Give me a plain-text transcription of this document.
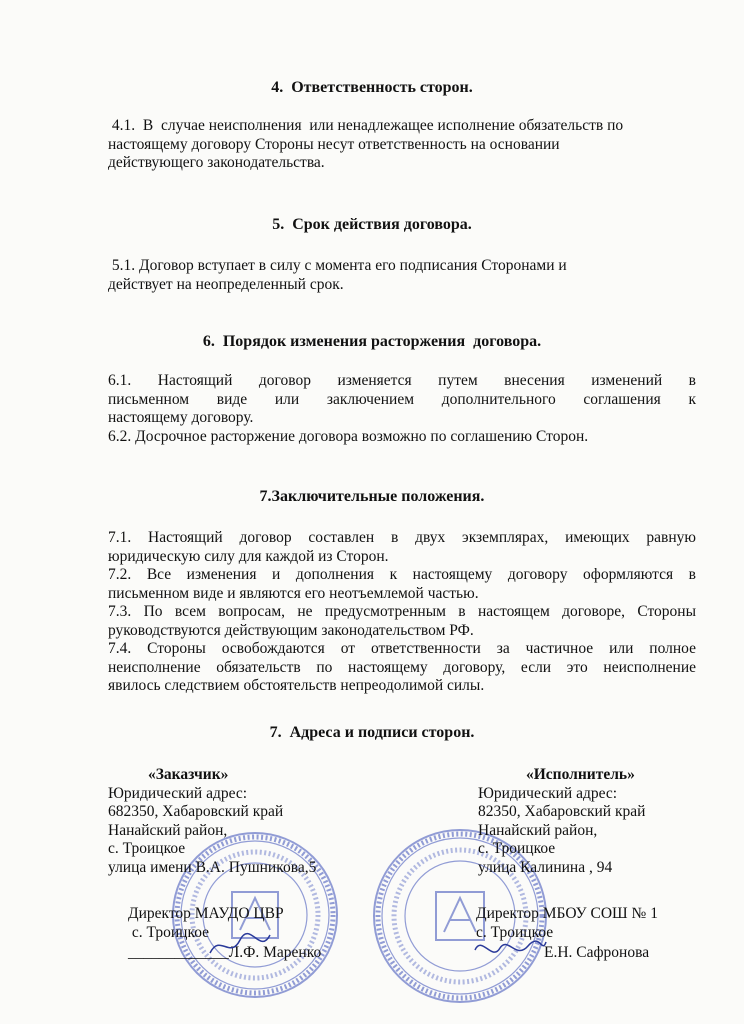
4.  Ответственность сторон.
4.1.  В  случае неисполнения  или ненадлежащее исполнение обязательств по
настоящему договору Стороны несут ответственность на основании
действующего законодательства.
5.  Срок действия договора.
5.1. Договор вступает в силу с момента его подписания Сторонами и
действует на неопределенный срок.
6.  Порядок изменения расторжения  договора.
6.1. Настоящий договор изменяется путем внесения изменений в
письменном виде или заключением дополнительного соглашения к
настоящему договору.
6.2. Досрочное расторжение договора возможно по соглашению Сторон.
7.Заключительные положения.
7.1. Настоящий договор составлен в двух экземплярах, имеющих равную
юридическую силу для каждой из Сторон.
7.2. Все изменения и дополнения к настоящему договору оформляются в
письменном виде и являются его неотъемлемой частью.
7.3. По всем вопросам, не предусмотренным в настоящем договоре, Стороны
руководствуются действующим законодательством РФ.
7.4. Стороны освобождаются от ответственности за частичное или полное
неисполнение обязательств по настоящему договору, если это неисполнение
явилось следствием обстоятельств непреодолимой силы.
7.  Адреса и подписи сторон.
«Заказчик»
Юридический адрес:
682350, Хабаровский край
Нанайский район,
с. Троицкое
улица имени В.А. Пушникова,5
Директор МАУДО ЦВР
с. Троицкое
_____________Л.Ф. Маренко
«Исполнитель»
Юридический адрес:
82350, Хабаровский край
Нанайский район,
с. Троицкое
улица Калинина , 94
Директор МБОУ СОШ № 1
с. Троицкое
Е.Н. Сафронова
